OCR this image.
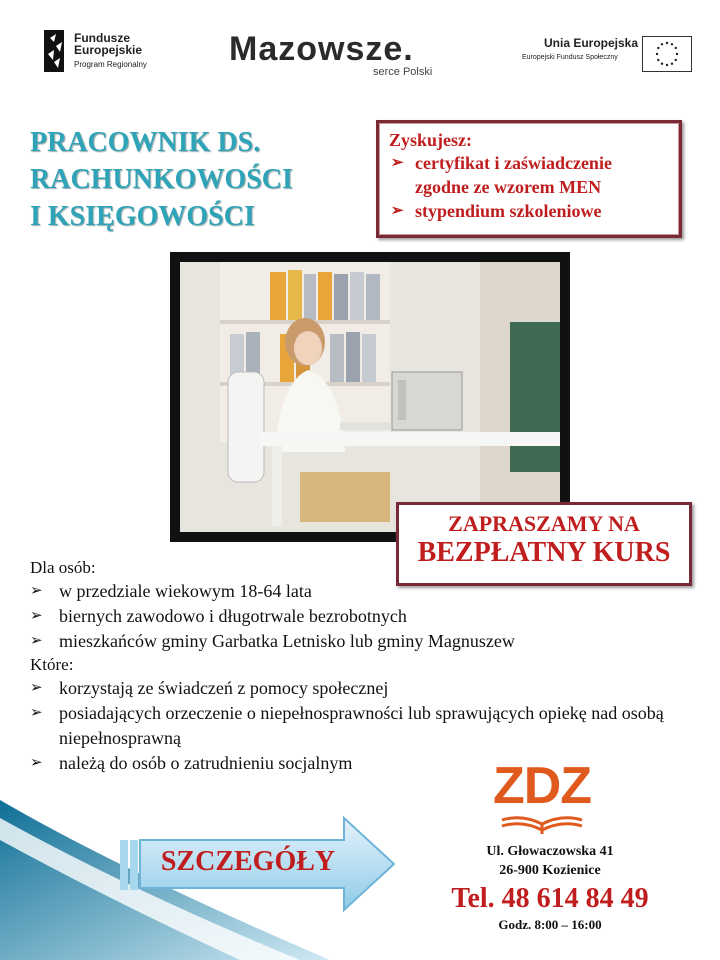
Fundusze
Europejskie
Program Regionalny Mazowsze.
serce Polski
Unia Europejska
Europejski Fundusz Społeczny
PRACOWNIK DS.
RACHUNKOWOŚCI
I KSIĘGOWOŚCI
Zyskujesz:
➢ certyfikat i zaświadczenie zgodne ze wzorem MEN
➢ stypendium szkoleniowe
ZAPRASZAMY NA
BEZPŁATNY KURS
Dla osób:
➢ w przedziale wiekowym 18-64 lata
➢ biernych zawodowo i długotrwale bezrobotnych
➢ mieszkańców gminy Garbatka Letnisko lub gminy Magnuszew
Które:
➢ korzystają ze świadczeń z pomocy społecznej
➢ posiadających orzeczenie o niepełnosprawności lub sprawujących opiekę nad osobą niepełnosprawną
➢ należą do osób o zatrudnieniu socjalnym
SZCZEGÓŁY
ZDZ
Ul. Głowaczowska 41
26-900 Kozienice
Tel. 48 614 84 49
Godz. 8:00 – 16:00
